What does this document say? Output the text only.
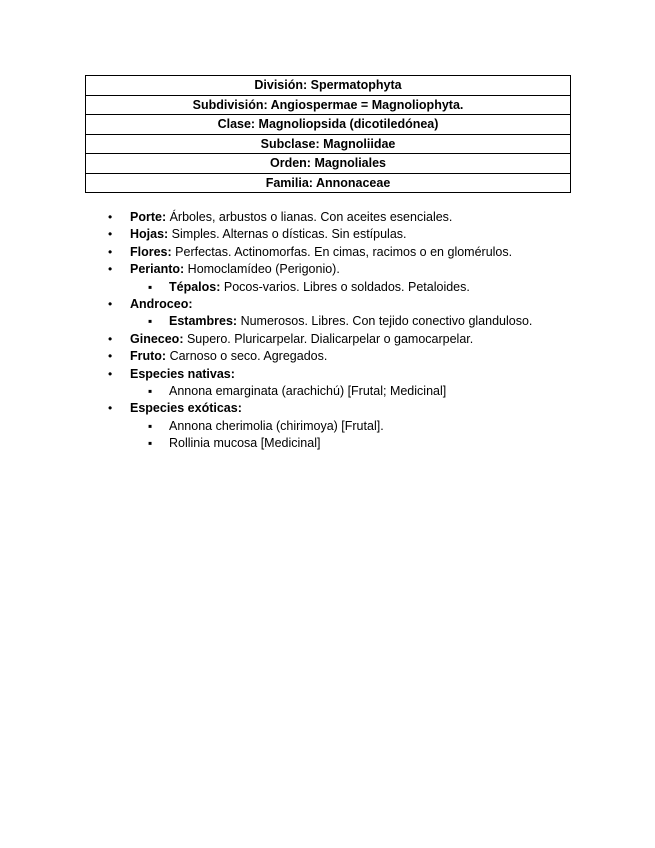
División: Spermatophyta
Subdivisión: Angiospermae = Magnoliophyta.
Clase: Magnoliopsida (dicotiledónea)
Subclase: Magnoliidae
Orden: Magnoliales
Familia: Annonaceae
• Porte: Árboles, arbustos o lianas. Con aceites esenciales.
• Hojas: Simples. Alternas o dísticas. Sin estípulas.
• Flores: Perfectas. Actinomorfas. En cimas, racimos o en glomérulos.
• Perianto: Homoclamídeo (Perigonio).
▪ Tépalos: Pocos-varios. Libres o soldados. Petaloides.
• Androceo:
▪ Estambres: Numerosos. Libres. Con tejido conectivo glanduloso.
• Gineceo: Supero. Pluricarpelar. Dialicarpelar o gamocarpelar.
• Fruto: Carnoso o seco. Agregados.
• Especies nativas:
▪ Annona emarginata (arachichú) [Frutal; Medicinal]
• Especies exóticas:
▪ Annona cherimolia (chirimoya) [Frutal].
▪ Rollinia mucosa [Medicinal]
